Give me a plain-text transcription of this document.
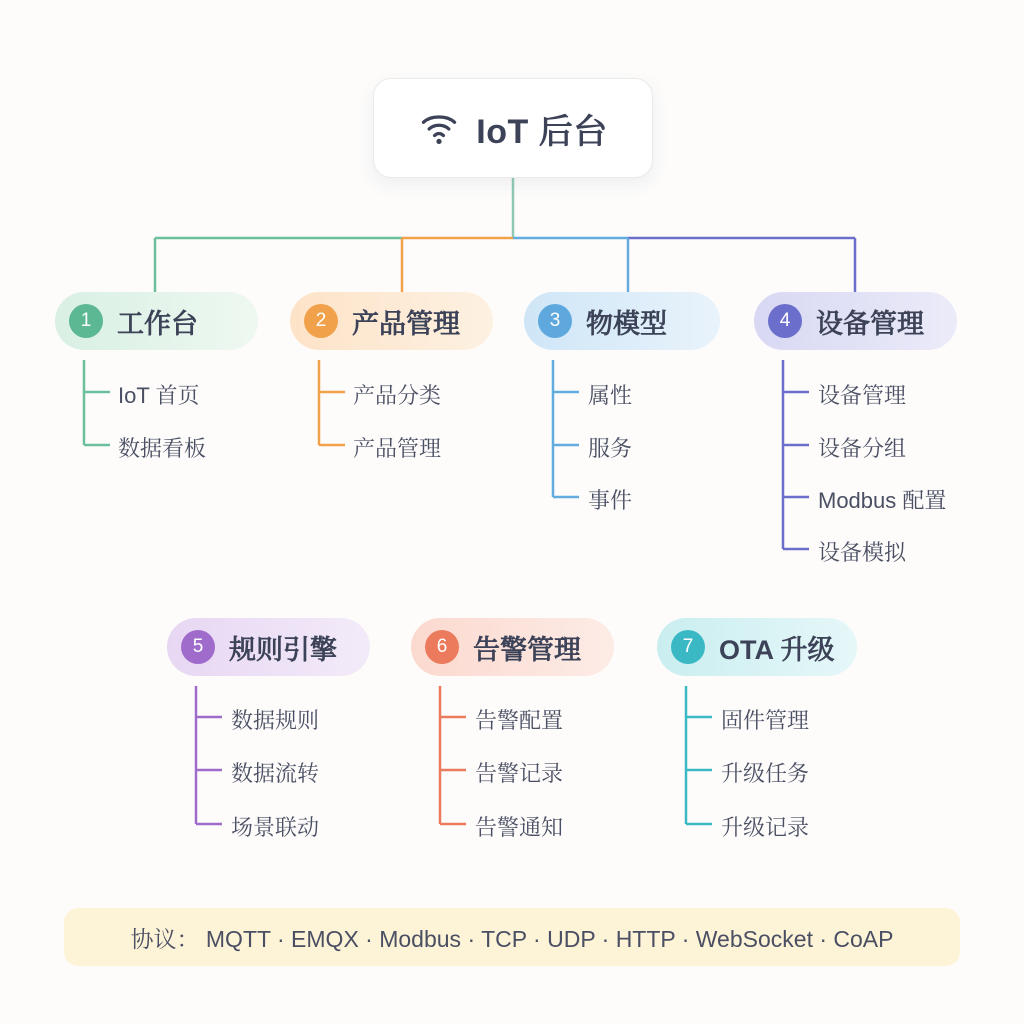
IoT 后台
1 工作台
IoT 首页
数据看板
2 产品管理
产品分类
产品管理
3 物模型
属性
服务
事件
4 设备管理
设备管理
设备分组
Modbus 配置
设备模拟
5 规则引擎
数据规则
数据流转
场景联动
6 告警管理
告警配置
告警记录
告警通知
7 OTA 升级
固件管理
升级任务
升级记录
协议： MQTT · EMQX · Modbus · TCP · UDP · HTTP · WebSocket · CoAP
